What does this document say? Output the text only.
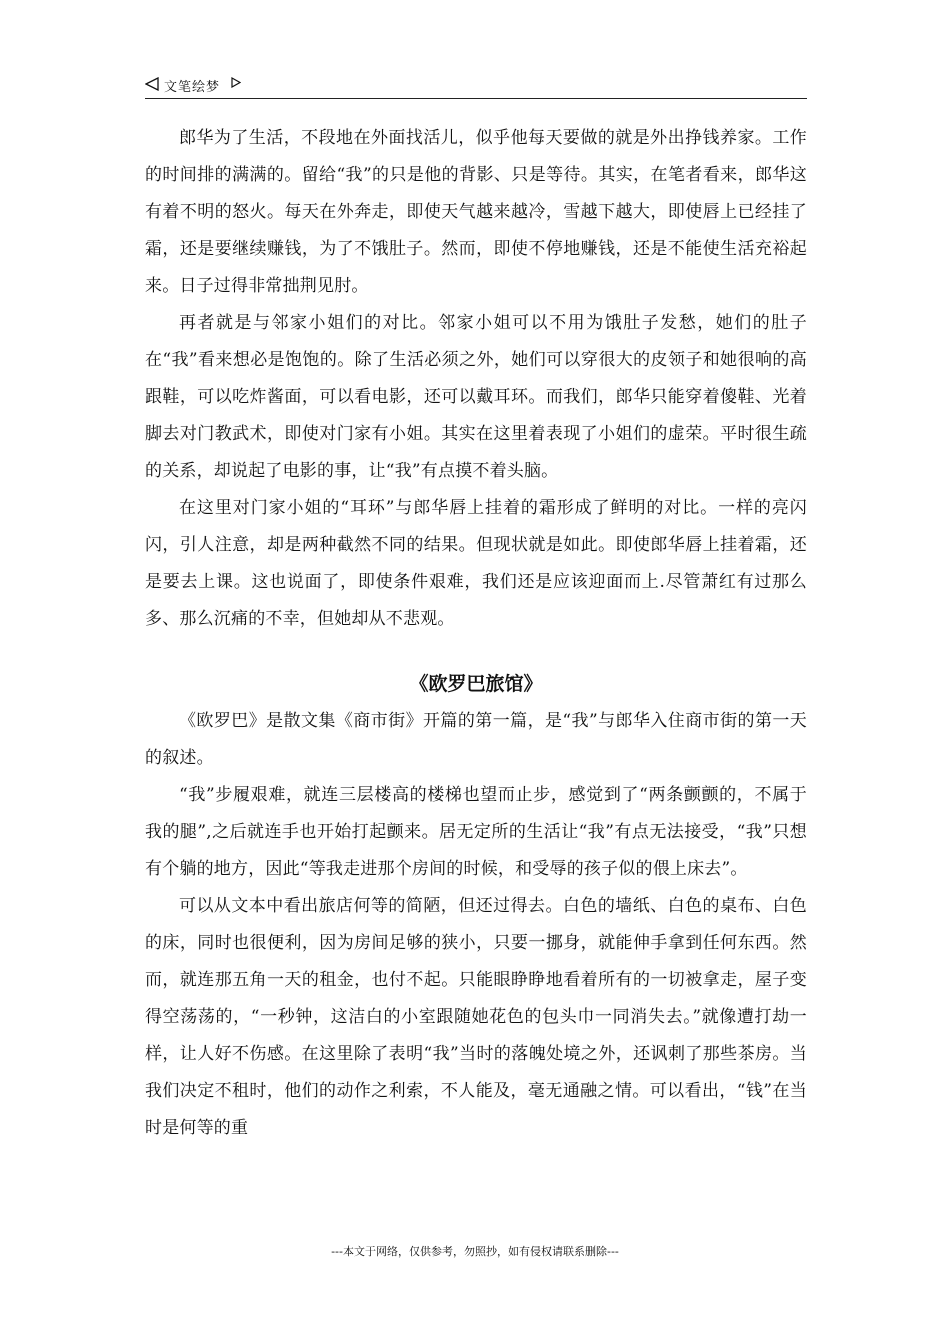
文笔绘梦

郎华为了生活，不段地在外面找活儿，似乎他每天要做的就是外出挣钱养家。工作的时间排的满满的。留给“我”的只是他的背影、只是等待。其实，在笔者看来，郎华这有着不明的怒火。每天在外奔走，即使天气越来越冷，雪越下越大，即使唇上已经挂了霜，还是要继续赚钱，为了不饿肚子。然而，即使不停地赚钱，还是不能使生活充裕起来。日子过得非常拙荆见肘。

再者就是与邻家小姐们的对比。邻家小姐可以不用为饿肚子发愁，她们的肚子在“我”看来想必是饱饱的。除了生活必须之外，她们可以穿很大的皮领子和她很响的高跟鞋，可以吃炸酱面，可以看电影，还可以戴耳环。而我们，郎华只能穿着傻鞋、光着脚去对门教武术，即使对门家有小姐。其实在这里着表现了小姐们的虚荣。平时很生疏的关系，却说起了电影的事，让“我”有点摸不着头脑。

在这里对门家小姐的“耳环”与郎华唇上挂着的霜形成了鲜明的对比。一样的亮闪闪，引人注意，却是两种截然不同的结果。但现状就是如此。即使郎华唇上挂着霜，还是要去上课。这也说面了，即使条件艰难，我们还是应该迎面而上.尽管萧红有过那么多、那么沉痛的不幸，但她却从不悲观。

《欧罗巴旅馆》

《欧罗巴》是散文集《商市街》开篇的第一篇，是“我”与郎华入住商市街的第一天的叙述。

“我”步履艰难，就连三层楼高的楼梯也望而止步，感觉到了“两条颤颤的，不属于我的腿”,之后就连手也开始打起颤来。居无定所的生活让“我”有点无法接受，“我”只想有个躺的地方，因此“等我走进那个房间的时候，和受辱的孩子似的偎上床去”。

可以从文本中看出旅店何等的简陋，但还过得去。白色的墙纸、白色的桌布、白色的床，同时也很便利，因为房间足够的狭小，只要一挪身，就能伸手拿到任何东西。然而，就连那五角一天的租金，也付不起。只能眼睁睁地看着所有的一切被拿走，屋子变得空荡荡的，“一秒钟，这洁白的小室跟随她花色的包头巾一同消失去。”就像遭打劫一样，让人好不伤感。在这里除了表明“我”当时的落魄处境之外，还讽刺了那些茶房。当我们决定不租时，他们的动作之利索，不人能及，毫无通融之情。可以看出，“钱”在当时是何等的重

---本文于网络，仅供参考，勿照抄，如有侵权请联系删除---
